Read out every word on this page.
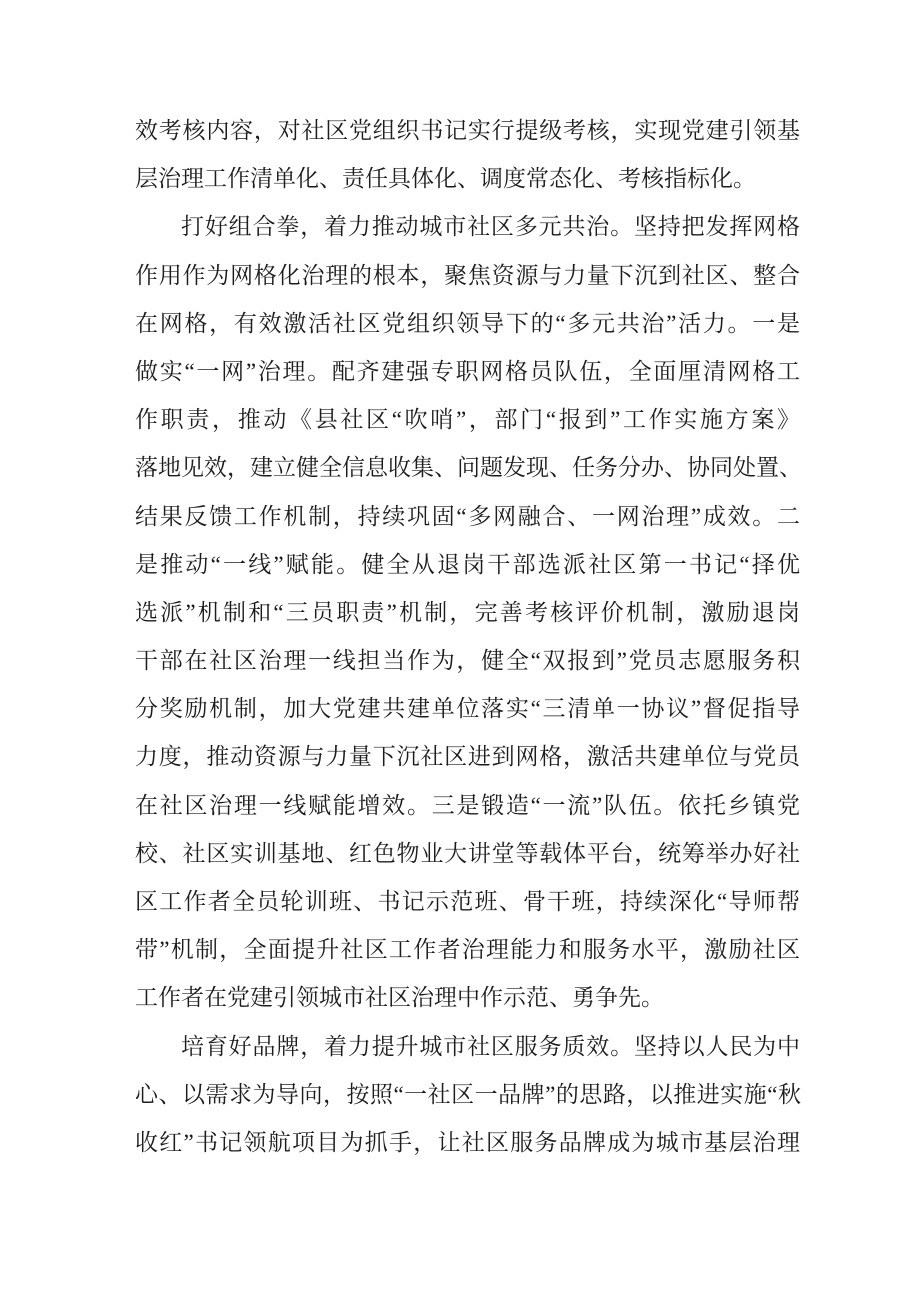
效考核内容，对社区党组织书记实行提级考核，实现党建引领基

层治理工作清单化、责任具体化、调度常态化、考核指标化。

打好组合拳，着力推动城市社区多元共治。坚持把发挥网格

作用作为网格化治理的根本，聚焦资源与力量下沉到社区、整合

在网格，有效激活社区党组织领导下的“多元共治”活力。一是

做实“一网”治理。配齐建强专职网格员队伍，全面厘清网格工

作职责，推动《县社区“吹哨”，部门“报到”工作实施方案》

落地见效，建立健全信息收集、问题发现、任务分办、协同处置、

结果反馈工作机制，持续巩固“多网融合、一网治理”成效。二

是推动“一线”赋能。健全从退岗干部选派社区第一书记“择优

选派”机制和“三员职责”机制，完善考核评价机制，激励退岗

干部在社区治理一线担当作为，健全“双报到”党员志愿服务积

分奖励机制，加大党建共建单位落实“三清单一协议”督促指导

力度，推动资源与力量下沉社区进到网格，激活共建单位与党员

在社区治理一线赋能增效。三是锻造“一流”队伍。依托乡镇党

校、社区实训基地、红色物业大讲堂等载体平台，统筹举办好社

区工作者全员轮训班、书记示范班、骨干班，持续深化“导师帮

带”机制，全面提升社区工作者治理能力和服务水平，激励社区

工作者在党建引领城市社区治理中作示范、勇争先。

培育好品牌，着力提升城市社区服务质效。坚持以人民为中

心、以需求为导向，按照“一社区一品牌”的思路，以推进实施“秋

收红”书记领航项目为抓手，让社区服务品牌成为城市基层治理
